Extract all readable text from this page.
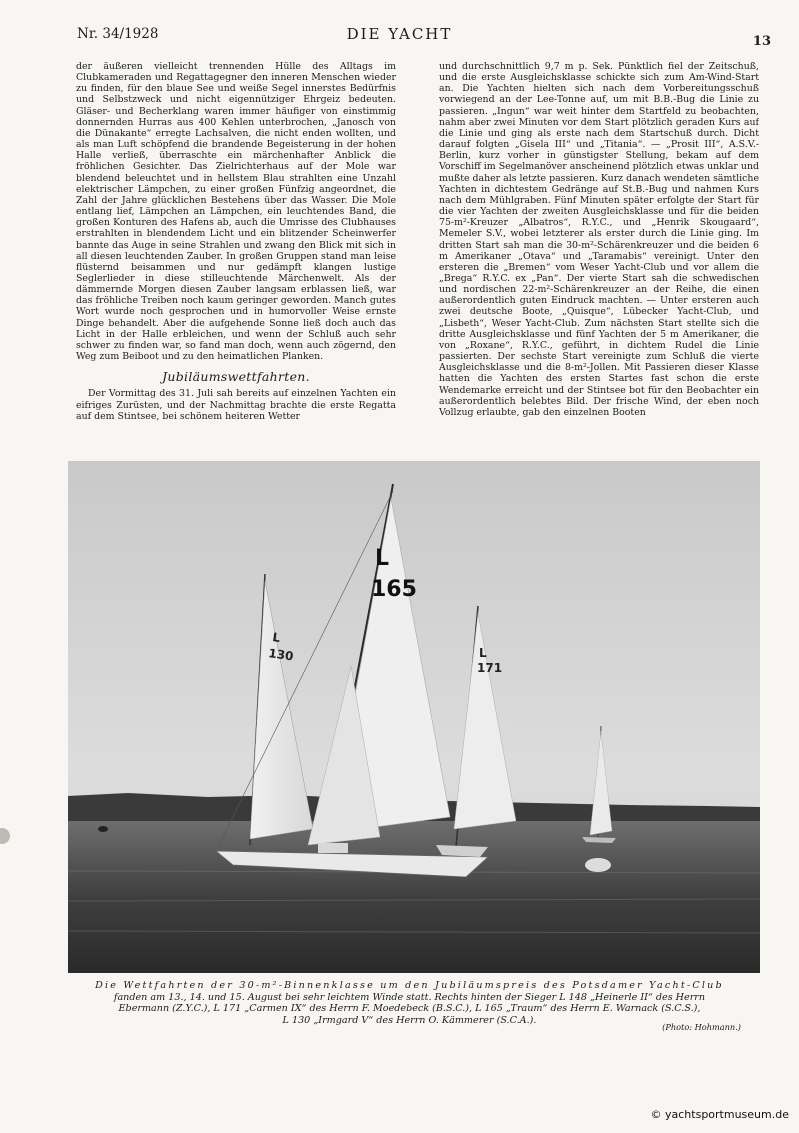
DIE YACHT
Nr. 34/1928	13

der äußeren vielleicht trennenden Hülle des Alltags im Clubkameraden und Regattagegner den inneren Menschen wieder zu finden, für den blaue See und weiße Segel innerstes Bedürfnis und Selbstzweck und nicht eigennütziger Ehrgeiz bedeuten. Gläser- und Becherklang waren immer häufiger von einstimmig donnernden Hurras aus 400 Kehlen unterbrochen, „Janosch von die Dünakante“ erregte Lachsalven, die nicht enden wollten, und als man Luft schöpfend die brandende Begeisterung in der hohen Halle verließ, überraschte ein märchenhafter Anblick die fröhlichen Gesichter. Das Zielrichterhaus auf der Mole war blendend beleuchtet und in hellstem Blau strahlten eine Unzahl elektrischer Lämpchen, zu einer großen Fünfzig angeordnet, die Zahl der Jahre glücklichen Bestehens über das Wasser. Die Mole entlang lief, Lämpchen an Lämpchen, ein leuchtendes Band, die großen Konturen des Hafens ab, auch die Umrisse des Clubhauses erstrahlten in blendendem Licht und ein blitzender Scheinwerfer bannte das Auge in seine Strahlen und zwang den Blick mit sich in all diesen leuchtenden Zauber. In großen Gruppen stand man leise flüsternd beisammen und nur gedämpft klangen lustige Seglerlieder in diese stilleuchtende Märchenwelt. Als der dämmernde Morgen diesen Zauber langsam erblassen ließ, war das fröhliche Treiben noch kaum geringer geworden. Manch gutes Wort wurde noch gesprochen und in humorvoller Weise ernste Dinge behandelt. Aber die aufgehende Sonne ließ doch auch das Licht in der Halle erbleichen, und wenn der Schluß auch sehr schwer zu finden war, so fand man doch, wenn auch zögernd, den Weg zum Beiboot und zu den heimatlichen Planken.

Jubiläumswettfahrten.

Der Vormittag des 31. Juli sah bereits auf einzelnen Yachten ein eifriges Zurüsten, und der Nachmittag brachte die erste Regatta auf dem Stintsee, bei schönem heiteren Wetter

und durchschnittlich 9,7 m p. Sek. Pünktlich fiel der Zeitschuß, und die erste Ausgleichsklasse schickte sich zum Am-Wind-Start an. Die Yachten hielten sich nach dem Vorbereitungsschuß vorwiegend an der Lee-Tonne auf, um mit B.B.-Bug die Linie zu passieren. „Ingun“ war weit hinter dem Startfeld zu beobachten, nahm aber zwei Minuten vor dem Start plötzlich geraden Kurs auf die Linie und ging als erste nach dem Startschuß durch. Dicht darauf folgten „Gisela III“ und „Titania“. — „Prosit III“, A.S.V.-Berlin, kurz vorher in günstigster Stellung, bekam auf dem Vorschiff im Segelmanöver anscheinend plötzlich etwas unklar und mußte daher als letzte passieren. Kurz danach wendeten sämtliche Yachten in dichtestem Gedränge auf St.B.-Bug und nahmen Kurs nach dem Mühlgraben. Fünf Minuten später erfolgte der Start für die vier Yachten der zweiten Ausgleichsklasse und für die beiden 75-m²-Kreuzer „Albatros“, R.Y.C., und „Henrik Skougaard“, Memeler S.V., wobei letzterer als erster durch die Linie ging. Im dritten Start sah man die 30-m²-Schärenkreuzer und die beiden 6 m Amerikaner „Otava“ und „Taramabis“ vereinigt. Unter den ersteren die „Bremen“ vom Weser Yacht-Club und vor allem die „Brega“ R.Y.C. ex „Pan“. Der vierte Start sah die schwedischen und nordischen 22-m²-Schärenkreuzer an der Reihe, die einen außerordentlich guten Eindruck machten. — Unter ersteren auch zwei deutsche Boote, „Quisque“, Lübecker Yacht-Club, und „Lisbeth“, Weser Yacht-Club. Zum nächsten Start stellte sich die dritte Ausgleichsklasse und fünf Yachten der 5 m Amerikaner, die von „Roxane“, R.Y.C., geführt, in dichtem Rudel die Linie passierten. Der sechste Start vereinigte zum Schluß die vierte Ausgleichsklasse und die 8-m²-Jollen. Mit Passieren dieser Klasse hatten die Yachten des ersten Startes fast schon die erste Wendemarke erreicht und der Stintsee bot für den Beobachter ein außerordentlich belebtes Bild. Der frische Wind, der eben noch Vollzug erlaubte, gab den einzelnen Booten

L
130
L
165
L
171
Die Wettfahrten der 30-m²-Binnenklasse um den Jubiläumspreis des Potsdamer Yacht-Club
fanden am 13., 14. und 15. August bei sehr leichtem Winde statt. Rechts hinten der Sieger L 148 „Heinerle II“ des Herrn
Ebermann (Z.Y.C.), L 171 „Carmen IX“ des Herrn F. Moedebeck (B.S.C.), L 165 „Traum“ des Herrn E. Warnack (S.C.S.),
L 130 „Irmgard V“ des Herrn O. Kämmerer (S.C.A.).
(Photo: Hohmann.)
© yachtsportmuseum.de
